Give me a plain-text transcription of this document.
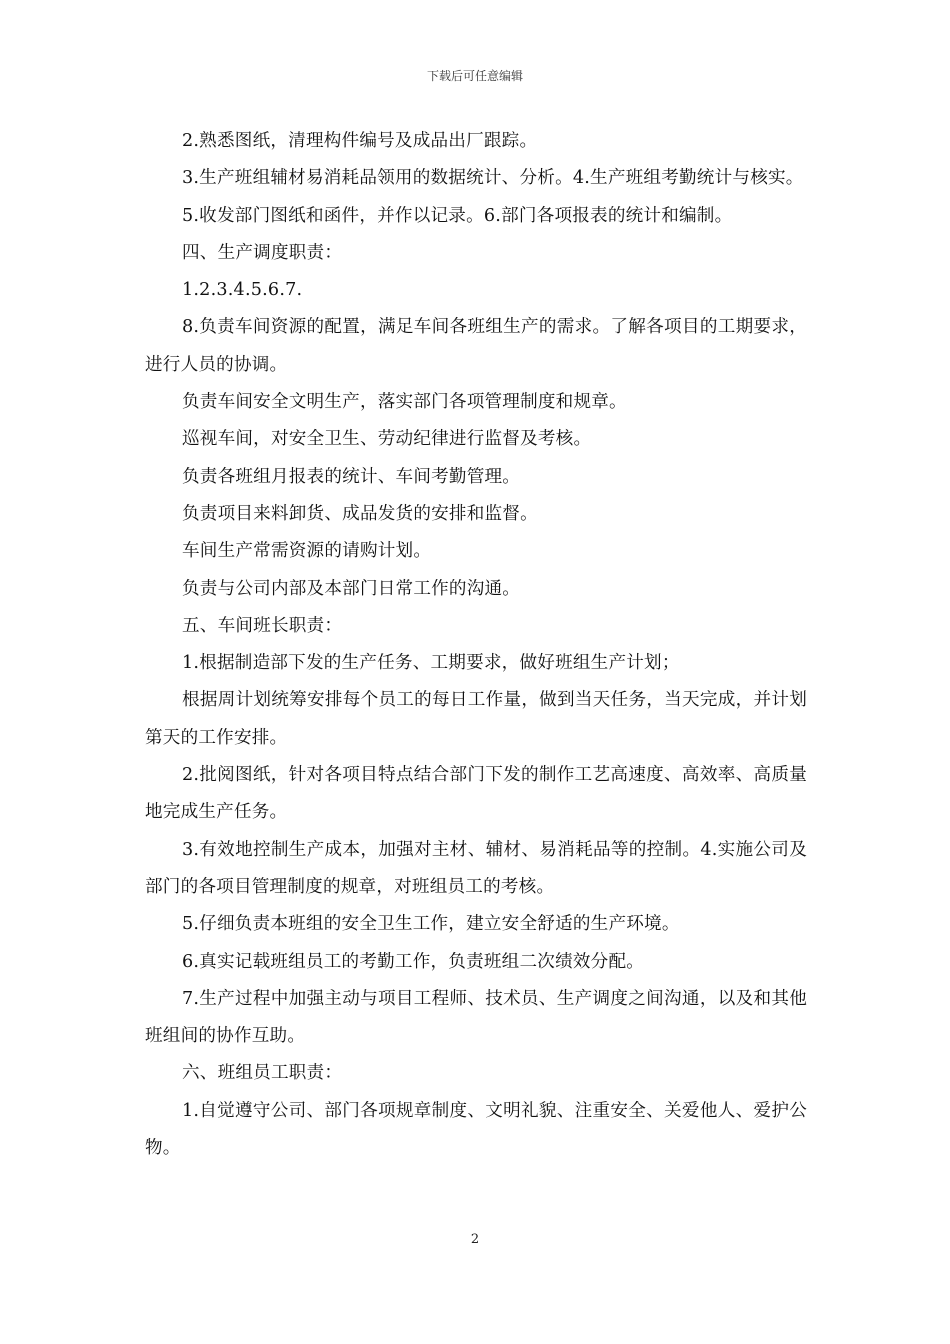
下载后可任意编辑

2.熟悉图纸，清理构件编号及成品出厂跟踪。

3.生产班组辅材易消耗品领用的数据统计、分析。4.生产班组考勤统计与核实。

5.收发部门图纸和函件，并作以记录。6.部门各项报表的统计和编制。

四、生产调度职责：

1.2.3.4.5.6.7.

8.负责车间资源的配置，满足车间各班组生产的需求。了解各项目的工期要求，进行人员的协调。

负责车间安全文明生产，落实部门各项管理制度和规章。

巡视车间，对安全卫生、劳动纪律进行监督及考核。

负责各班组月报表的统计、车间考勤管理。

负责项目来料卸货、成品发货的安排和监督。

车间生产常需资源的请购计划。

负责与公司内部及本部门日常工作的沟通。

五、车间班长职责：

1.根据制造部下发的生产任务、工期要求，做好班组生产计划；

根据周计划统筹安排每个员工的每日工作量，做到当天任务，当天完成，并计划第天的工作安排。

2.批阅图纸，针对各项目特点结合部门下发的制作工艺高速度、高效率、高质量地完成生产任务。

3.有效地控制生产成本，加强对主材、辅材、易消耗品等的控制。4.实施公司及部门的各项目管理制度的规章，对班组员工的考核。

5.仔细负责本班组的安全卫生工作，建立安全舒适的生产环境。

6.真实记载班组员工的考勤工作，负责班组二次绩效分配。

7.生产过程中加强主动与项目工程师、技术员、生产调度之间沟通，以及和其他班组间的协作互助。

六、班组员工职责：

1.自觉遵守公司、部门各项规章制度、文明礼貌、注重安全、关爱他人、爱护公物。

2
